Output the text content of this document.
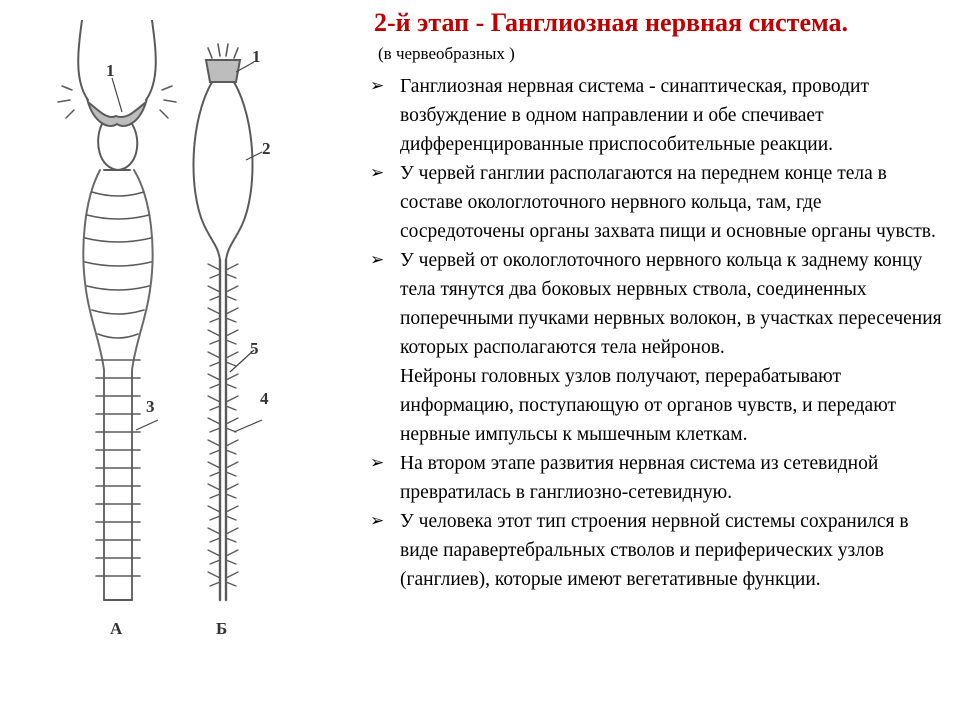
1
3
1
2
5
4
А	Б
2-й этап - Ганглиозная нервная система.
(в червеобразных )
➢ Ганглиозная нервная система - синаптическая, проводит возбуждение в одном направлении и обе спечивает дифференцированные приспособительные реакции.
➢ У червей ганглии располагаются на переднем конце тела в составе окологлоточного нервного кольца, там, где сосредоточены органы захвата пищи и основные органы чувств.
➢ У червей от окологлоточного нервного кольца к заднему концу тела тянутся два боковых нервных ствола, соединенных поперечными пучками нервных волокон, в участках пересечения которых располагаются тела нейронов.
Нейроны головных узлов получают, перерабатывают информацию, поступающую от органов чувств, и передают нервные импульсы к мышечным клеткам.
➢ На втором этапе развития нервная система из сетевидной превратилась в ганглиозно-сетевидную.
➢ У человека этот тип строения нервной системы сохранился в виде паравертебральных стволов и периферических узлов (ганглиев), которые имеют вегетативные функции.
